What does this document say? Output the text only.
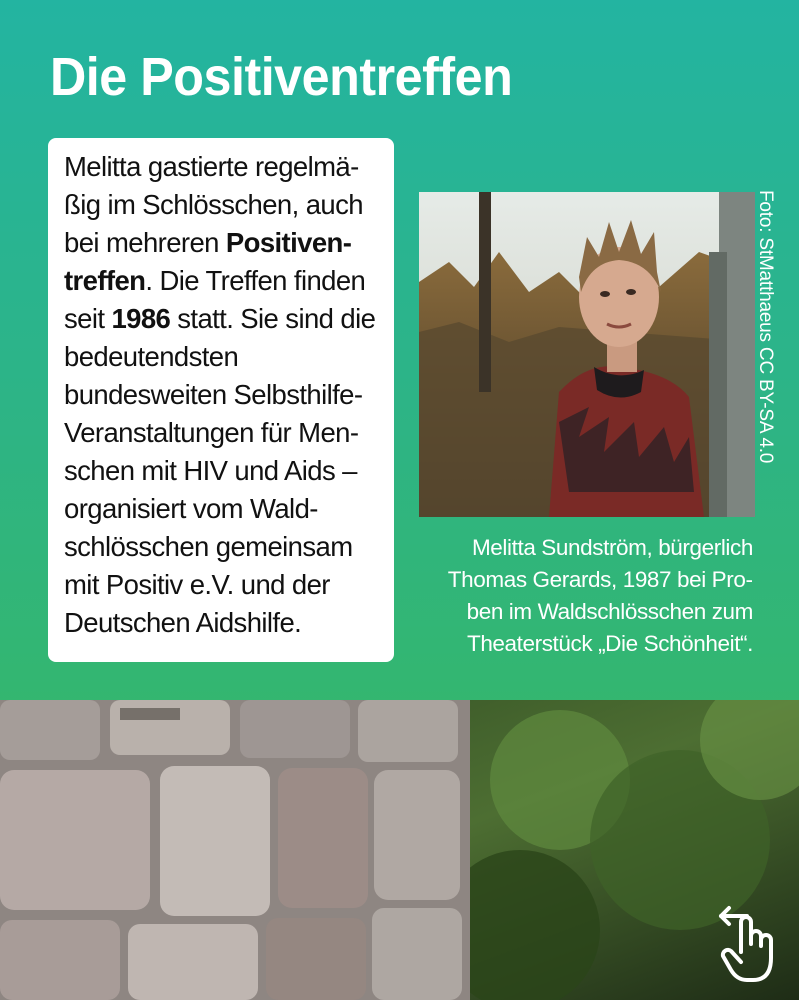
Die Positiventreffen

Melitta gastierte regelmäßig im Schlösschen, auch bei mehreren Positiventreffen. Die Treffen finden seit 1986 statt. Sie sind die bedeutendsten bundesweiten Selbsthilfe-Veranstaltungen für Menschen mit HIV und Aids – organisiert vom Waldschlösschen gemeinsam mit Positiv e.V. und der Deutschen Aidshilfe.

Foto: StMatthaeus CC BY-SA 4.0

Melitta Sundström, bürgerlich Thomas Gerards, 1987 bei Proben im Waldschlösschen zum Theaterstück „Die Schönheit“.
